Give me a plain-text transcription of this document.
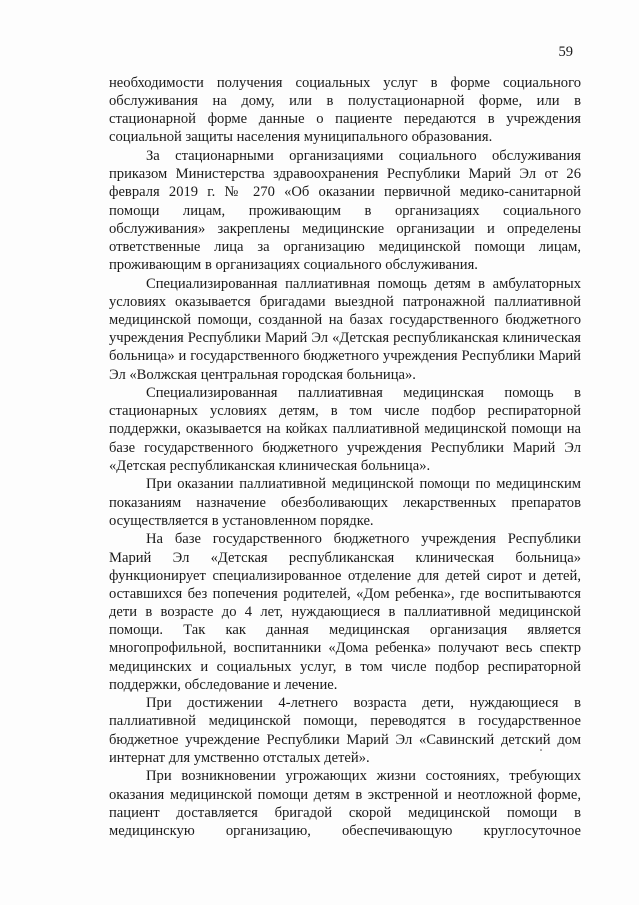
59

необходимости получения социальных услуг в форме социального обслуживания на дому, или в полустационарной форме, или в стационарной форме данные о пациенте передаются в учреждения социальной защиты населения муниципального образования.

За стационарными организациями социального обслуживания приказом Министерства здравоохранения Республики Марий Эл от 26 февраля 2019 г. № 270 «Об оказании первичной медико-санитарной помощи лицам, проживающим в организациях социального обслуживания» закреплены медицинские организации и определены ответственные лица за организацию медицинской помощи лицам, проживающим в организациях социального обслуживания.

Специализированная паллиативная помощь детям в амбулаторных условиях оказывается бригадами выездной патронажной паллиативной медицинской помощи, созданной на базах государственного бюджетного учреждения Республики Марий Эл «Детская республиканская клиническая больница» и государственного бюджетного учреждения Республики Марий Эл «Волжская центральная городская больница».

Специализированная паллиативная медицинская помощь в стационарных условиях детям, в том числе подбор респираторной поддержки, оказывается на койках паллиативной медицинской помощи на базе государственного бюджетного учреждения Республики Марий Эл «Детская республиканская клиническая больница».

При оказании паллиативной медицинской помощи по медицинским показаниям назначение обезболивающих лекарственных препаратов осуществляется в установленном порядке.

На базе государственного бюджетного учреждения Республики Марий Эл «Детская республиканская клиническая больница» функционирует специализированное отделение для детей сирот и детей, оставшихся без попечения родителей, «Дом ребенка», где воспитываются дети в возрасте до 4 лет, нуждающиеся в паллиативной медицинской помощи. Так как данная медицинская организация является многопрофильной, воспитанники «Дома ребенка» получают весь спектр медицинских и социальных услуг, в том числе подбор респираторной поддержки, обследование и лечение.

При достижении 4-летнего возраста дети, нуждающиеся в паллиативной медицинской помощи, переводятся в государственное бюджетное учреждение Республики Марий Эл «Савинский детский дом интернат для умственно отсталых детей».

При возникновении угрожающих жизни состояниях, требующих оказания медицинской помощи детям в экстренной и неотложной форме, пациент доставляется бригадой скорой медицинской помощи в медицинскую организацию, обеспечивающую круглосуточное
